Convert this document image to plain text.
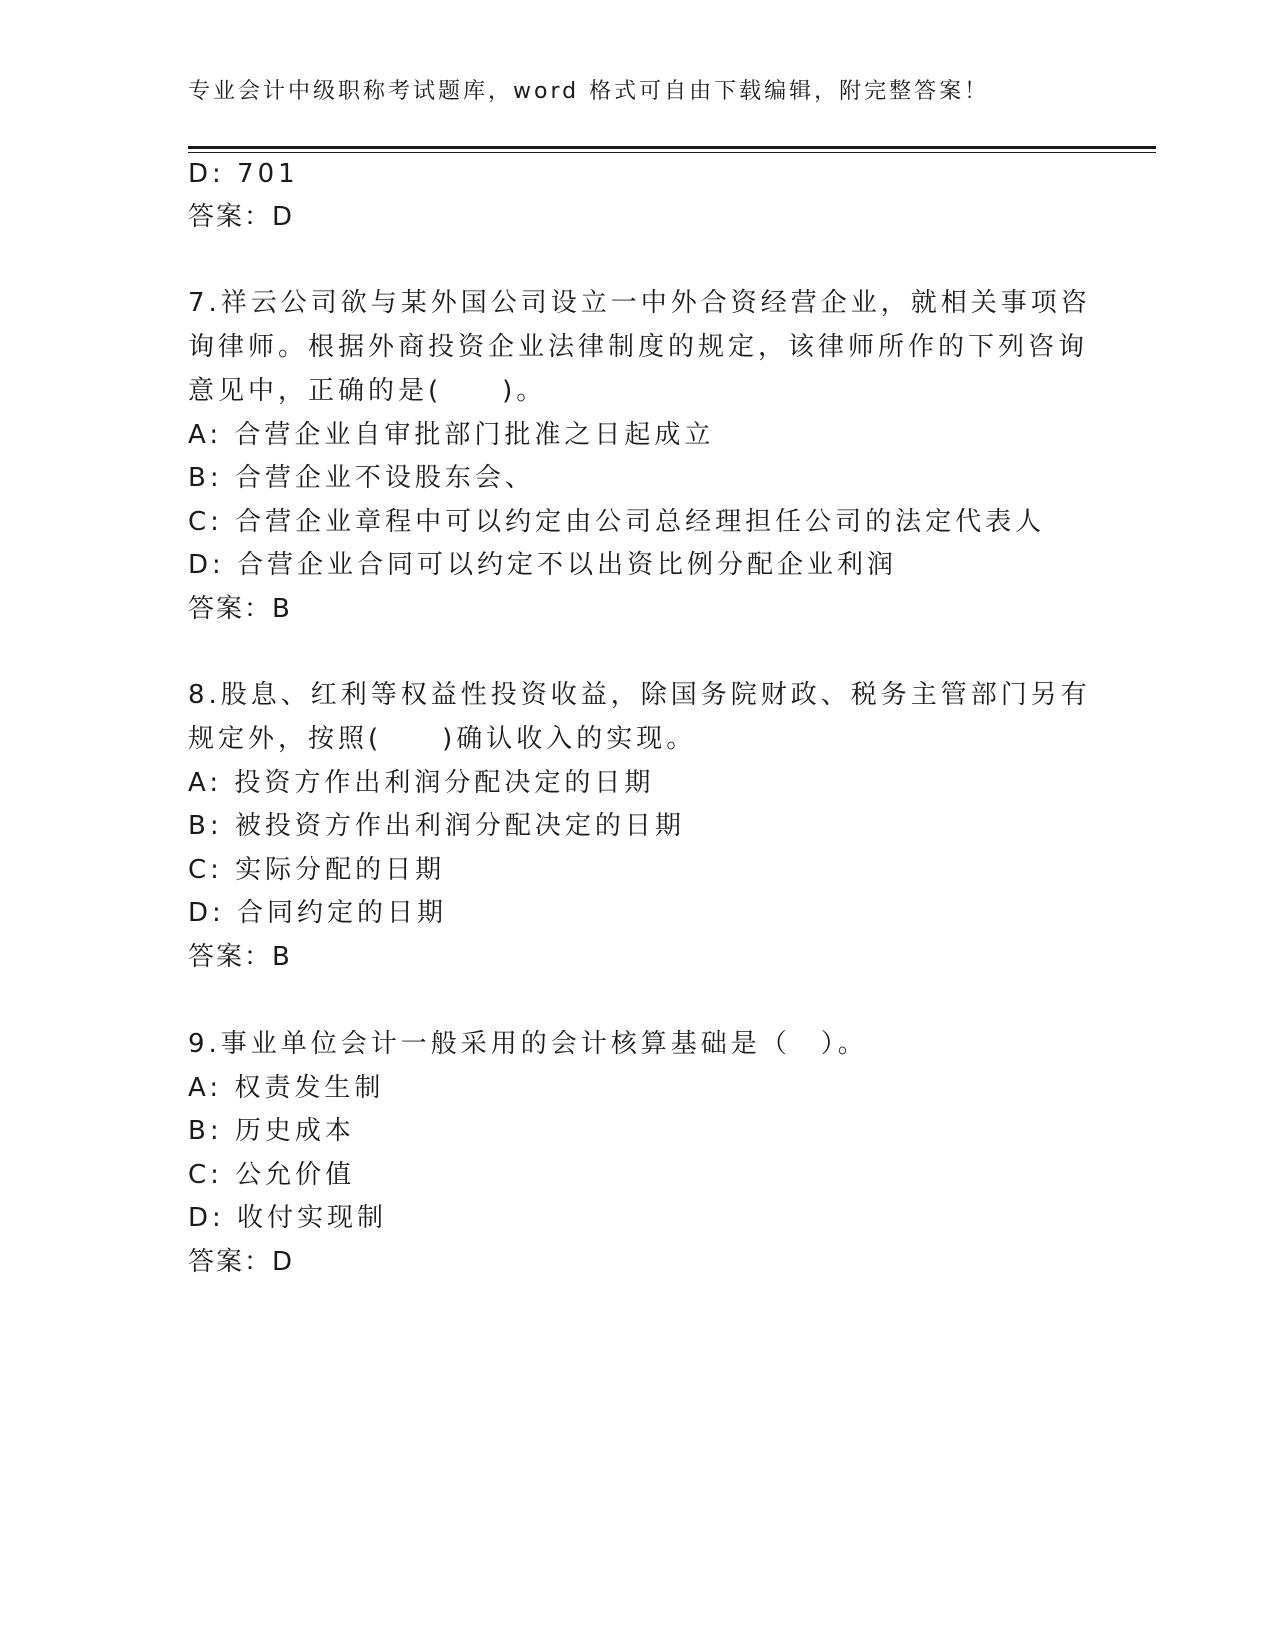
专业会计中级职称考试题库，word 格式可自由下载编辑，附完整答案！
D: 701
答案：D
7.祥云公司欲与某外国公司设立一中外合资经营企业，就相关事项咨
询律师。根据外商投资企业法律制度的规定，该律师所作的下列咨询
意见中，正确的是(　　)。
A: 合营企业自审批部门批准之日起成立
B: 合营企业不设股东会、
C: 合营企业章程中可以约定由公司总经理担任公司的法定代表人
D: 合营企业合同可以约定不以出资比例分配企业利润
答案：B
8.股息、红利等权益性投资收益，除国务院财政、税务主管部门另有
规定外，按照(　　)确认收入的实现。
A: 投资方作出利润分配决定的日期
B: 被投资方作出利润分配决定的日期
C: 实际分配的日期
D: 合同约定的日期
答案：B
9.事业单位会计一般采用的会计核算基础是（　）。
A: 权责发生制
B: 历史成本
C: 公允价值
D: 收付实现制
答案：D
